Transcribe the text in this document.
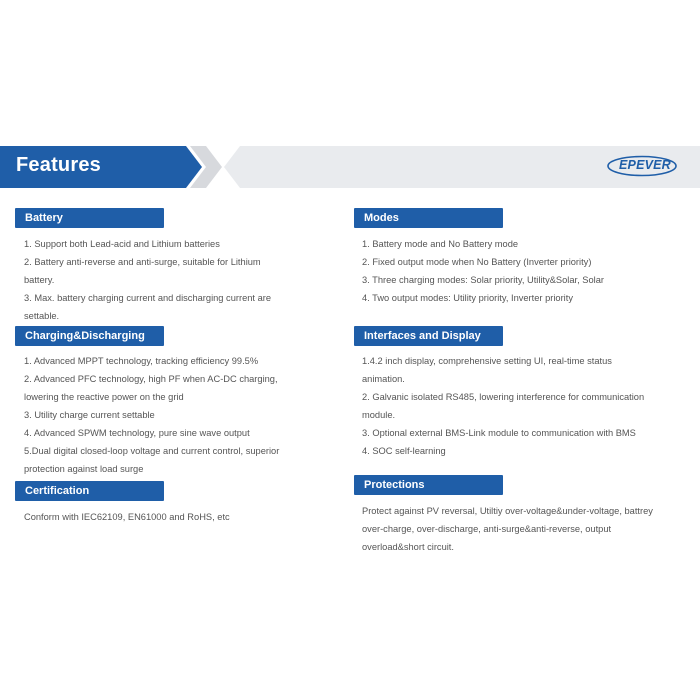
Features	EPEVER
Battery

1. Support both Lead-acid and Lithium batteries

2. Battery anti-reverse and anti-surge, suitable for Lithium

battery.

3. Max. battery charging current and discharging current are

settable.

Charging&Discharging

1. Advanced MPPT technology, tracking efficiency 99.5%

2. Advanced PFC technology, high PF when AC-DC charging,

lowering the reactive power on the grid

3. Utility charge current settable

4. Advanced SPWM technology, pure sine wave output

5.Dual digital closed-loop voltage and current control, superior

protection against load surge

Certification

Conform with IEC62109, EN61000 and RoHS, etc

Modes

1. Battery mode and No Battery mode

2. Fixed output mode when No Battery (Inverter priority)

3. Three charging modes: Solar priority, Utility&Solar, Solar

4. Two output modes: Utility priority, Inverter priority

Interfaces and Display

1.4.2 inch display, comprehensive setting UI, real-time status

animation.

2. Galvanic isolated RS485, lowering interference for communication

module.

3. Optional external BMS-Link module to communication with BMS

4. SOC self-learning

Protections

Protect against PV reversal, Utiltiy over-voltage&under-voltage, battrey

over-charge, over-discharge, anti-surge&anti-reverse, output

overload&short circuit.
